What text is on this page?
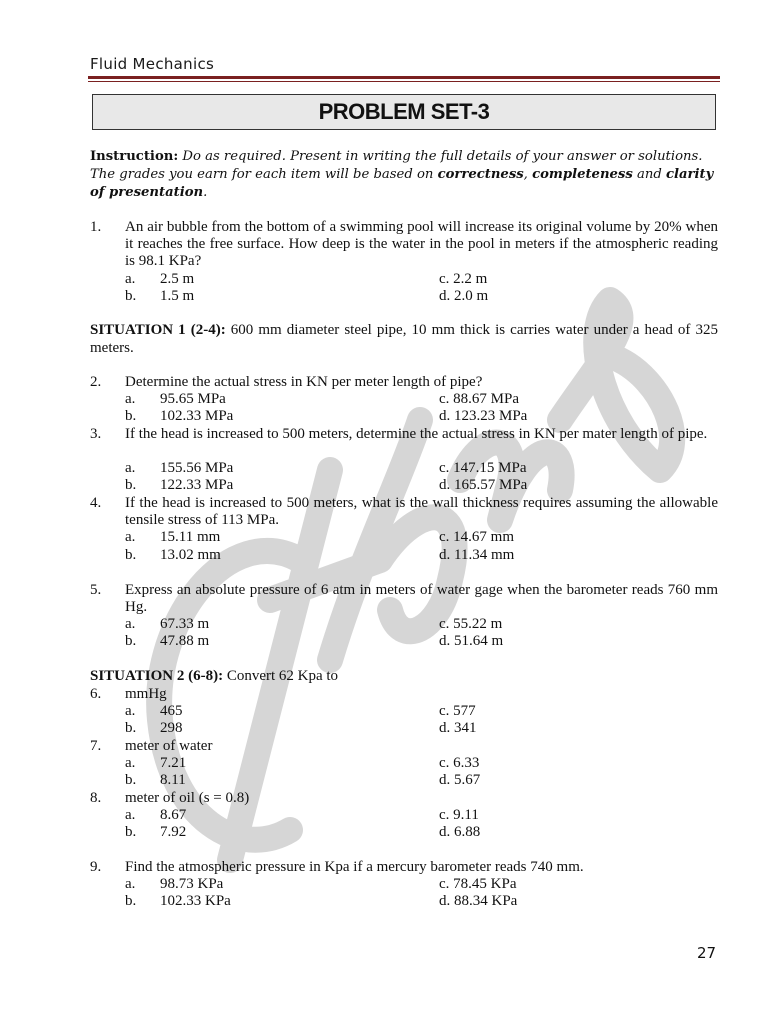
Fluid Mechanics
PROBLEM SET-3
Instruction: Do as required. Present in writing the full details of your answer or solutions. The grades you earn for each item will be based on correctness, completeness and clarity of presentation.
1. An air bubble from the bottom of a swimming pool will increase its original volume by 20% when it reaches the free surface. How deep is the water in the pool in meters if the atmospheric reading is 98.1 KPa?
a. 2.5 m	c. 2.2 m
b. 1.5 m	d. 2.0 m
SITUATION 1 (2-4): 600 mm diameter steel pipe, 10 mm thick is carries water under a head of 325 meters.
2. Determine the actual stress in KN per meter length of pipe?
a. 95.65 MPa	c. 88.67 MPa
b. 102.33 MPa	d. 123.23 MPa
3. If the head is increased to 500 meters, determine the actual stress in KN per mater length of pipe.
a. 155.56 MPa	c. 147.15 MPa
b. 122.33 MPa	d. 165.57 MPa
4. If the head is increased to 500 meters, what is the wall thickness requires assuming the allowable tensile stress of 113 MPa.
a. 15.11 mm	c. 14.67 mm
b. 13.02 mm	d. 11.34 mm
5. Express an absolute pressure of 6 atm in meters of water gage when the barometer reads 760 mm Hg.
a. 67.33 m	c. 55.22 m
b. 47.88 m	d. 51.64 m
SITUATION 2 (6-8): Convert 62 Kpa to
6. mmHg
a. 465	c. 577
b. 298	d. 341
7. meter of water
a. 7.21	c. 6.33
b. 8.11	d. 5.67
8. meter of oil (s = 0.8)
a. 8.67	c. 9.11
b. 7.92	d. 6.88
9. Find the atmospheric pressure in Kpa if a mercury barometer reads 740 mm.
a. 98.73 KPa	c. 78.45 KPa
b. 102.33 KPa	d. 88.34 KPa
27
